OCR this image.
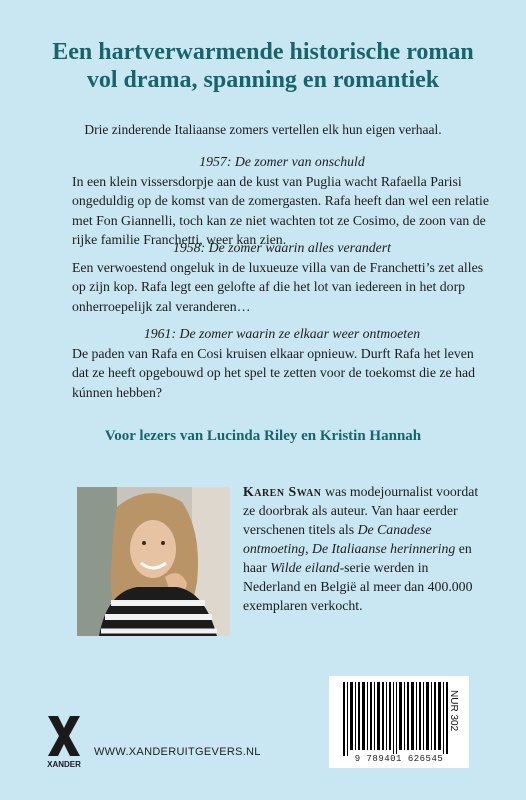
Een hartverwarmende historische roman
vol drama, spanning en romantiek
Drie zinderende Italiaanse zomers vertellen elk hun eigen verhaal.
1957: De zomer van onschuld
In een klein vissersdorpje aan de kust van Puglia wacht Rafaella Parisi ongeduldig op de komst van de zomergasten. Rafa heeft dan wel een relatie met Fon Giannelli, toch kan ze niet wachten tot ze Cosimo, de zoon van de rijke familie Franchetti, weer kan zien.
1958: De zomer waarin alles verandert
Een verwoestend ongeluk in de luxueuze villa van de Franchetti’s zet alles op zijn kop. Rafa legt een gelofte af die het lot van iedereen in het dorp onherroepelijk zal veranderen…
1961: De zomer waarin ze elkaar weer ontmoeten
De paden van Rafa en Cosi kruisen elkaar opnieuw. Durft Rafa het leven dat ze heeft opgebouwd op het spel te zetten voor de toekomst die ze had kúnnen hebben?
Voor lezers van Lucinda Riley en Kristin Hannah
Karen Swan was modejournalist voordat ze doorbrak als auteur. Van haar eerder verschenen titels als De Canadese ontmoeting, De Italiaanse herinnering en haar Wilde eiland-serie werden in Nederland en België al meer dan 400.000 exemplaren verkocht.
NUR 302
9 789401 626545
XANDER
WWW.XANDERUITGEVERS.NL
